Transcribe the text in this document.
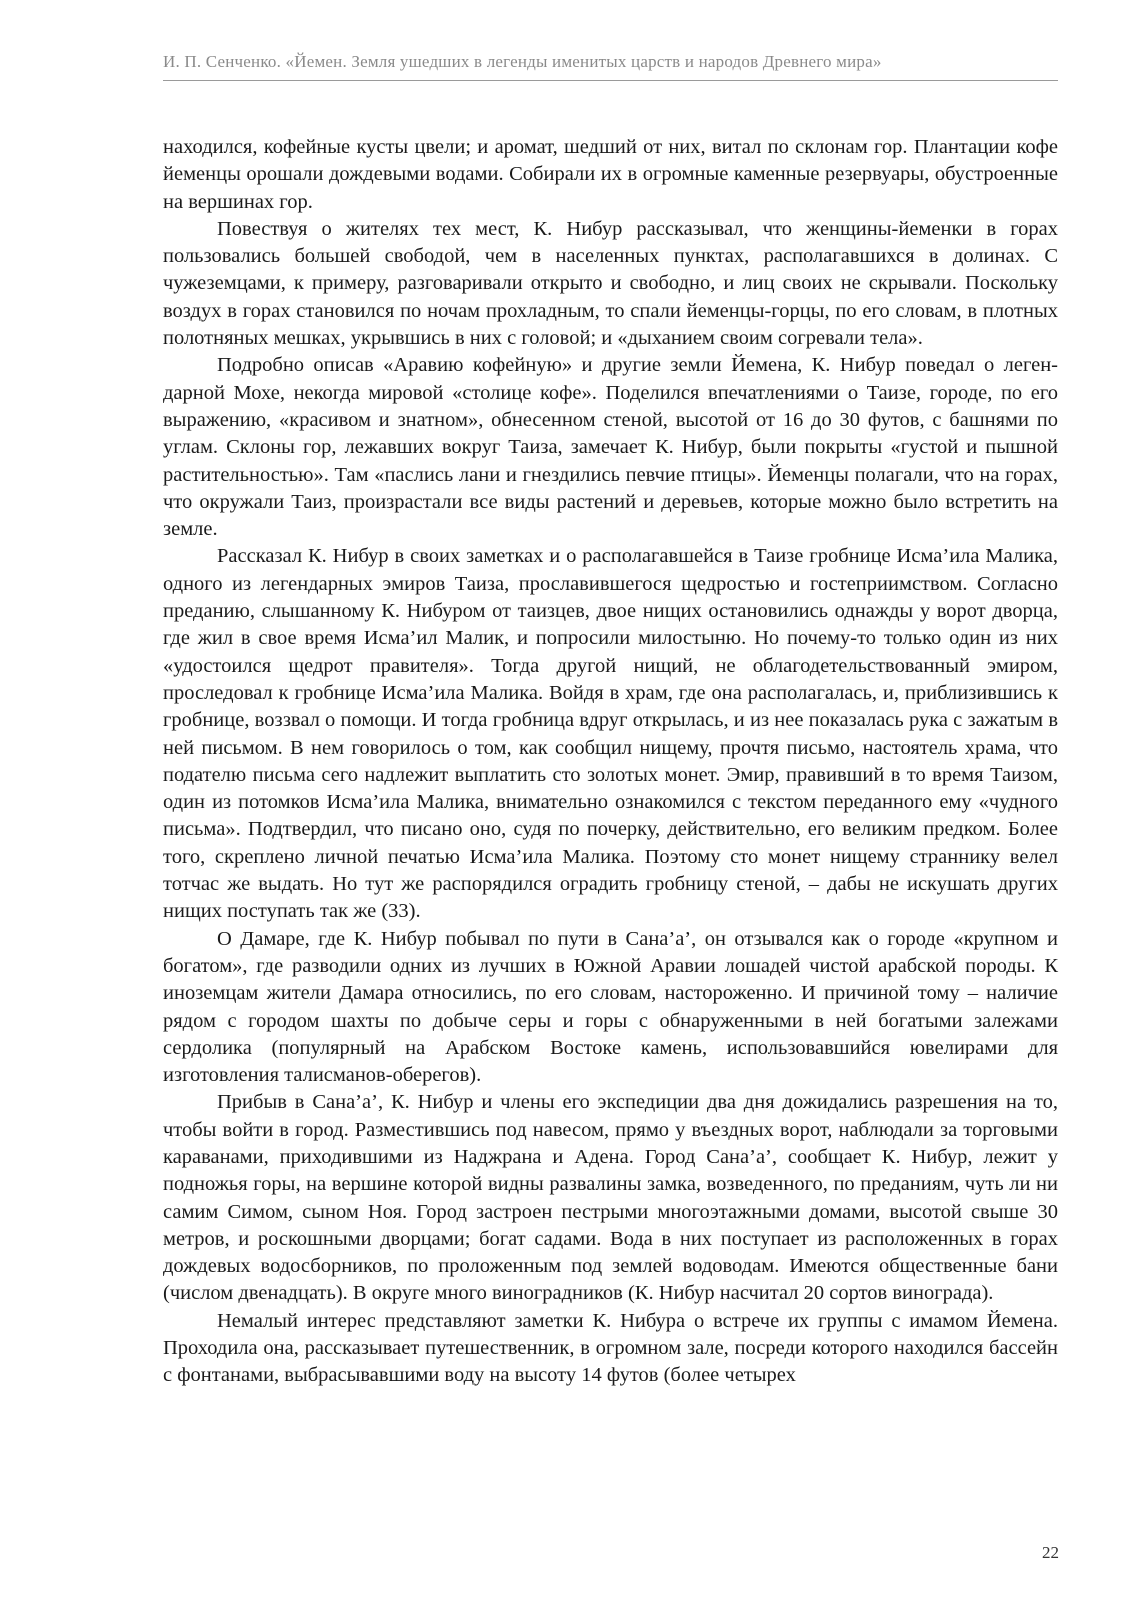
И. П. Сенченко. «Йемен. Земля ушедших в легенды именитых царств и народов Древнего мира»

находился, кофейные кусты цвели; и аромат, шедший от них, витал по склонам гор. Плантации кофе йеменцы орошали дождевыми водами. Собирали их в огромные каменные резервуары, обустроенные на вершинах гор.

Повествуя о жителях тех мест, К. Нибур рассказывал, что женщины-йеменки в горах пользовались большей свободой, чем в населенных пунктах, располагавшихся в долинах. С чужеземцами, к примеру, разговаривали открыто и свободно, и лиц своих не скрывали. Поскольку воздух в горах становился по ночам прохладным, то спали йеменцы-горцы, по его словам, в плотных полотняных мешках, укрывшись в них с головой; и «дыханием своим согревали тела».

Подробно описав «Аравию кофейную» и другие земли Йемена, К. Нибур поведал о легендарной Мохе, некогда мировой «столице кофе». Поделился впечатлениями о Таизе, городе, по его выражению, «красивом и знатном», обнесенном стеной, высотой от 16 до 30 футов, с башнями по углам. Склоны гор, лежавших вокруг Таиза, замечает К. Нибур, были покрыты «густой и пышной растительностью». Там «паслись лани и гнездились певчие птицы». Йеменцы полагали, что на горах, что окружали Таиз, произрастали все виды растений и деревьев, которые можно было встретить на земле.

Рассказал К. Нибур в своих заметках и о располагавшейся в Таизе гробнице Исма’ила Малика, одного из легендарных эмиров Таиза, прославившегося щедростью и гостеприимством. Согласно преданию, слышанному К. Нибуром от таизцев, двое нищих остановились однажды у ворот дворца, где жил в свое время Исма’ил Малик, и попросили милостыню. Но почему-то только один из них «удостоился щедрот правителя». Тогда другой нищий, не облагодетельствованный эмиром, проследовал к гробнице Исма’ила Малика. Войдя в храм, где она располагалась, и, приблизившись к гробнице, воззвал о помощи. И тогда гробница вдруг открылась, и из нее показалась рука с зажатым в ней письмом. В нем говорилось о том, как сообщил нищему, прочтя письмо, настоятель храма, что подателю письма сего надлежит выплатить сто золотых монет. Эмир, правивший в то время Таизом, один из потомков Исма’ила Малика, внимательно ознакомился с текстом переданного ему «чудного письма». Подтвердил, что писано оно, судя по почерку, действительно, его великим предком. Более того, скреплено личной печатью Исма’ила Малика. Поэтому сто монет нищему страннику велел тотчас же выдать. Но тут же распорядился оградить гробницу стеной, – дабы не искушать других нищих поступать так же (33).

О Дамаре, где К. Нибур побывал по пути в Сана’а’, он отзывался как о городе «крупном и богатом», где разводили одних из лучших в Южной Аравии лошадей чистой арабской породы. К иноземцам жители Дамара относились, по его словам, настороженно. И причиной тому – наличие рядом с городом шахты по добыче серы и горы с обнаруженными в ней богатыми залежами сердолика (популярный на Арабском Востоке камень, использовавшийся ювелирами для изготовления талисманов-оберегов).

Прибыв в Сана’а’, К. Нибур и члены его экспедиции два дня дожидались разрешения на то, чтобы войти в город. Разместившись под навесом, прямо у въездных ворот, наблюдали за торговыми караванами, приходившими из Наджрана и Адена. Город Сана’а’, сообщает К. Нибур, лежит у подножья горы, на вершине которой видны развалины замка, возведенного, по преданиям, чуть ли ни самим Симом, сыном Ноя. Город застроен пестрыми многоэтажными домами, высотой свыше 30 метров, и роскошными дворцами; богат садами. Вода в них поступает из расположенных в горах дождевых водосборников, по проложенным под землей водоводам. Имеются общественные бани (числом двенадцать). В округе много виноградников (К. Нибур насчитал 20 сортов винограда).

Немалый интерес представляют заметки К. Нибура о встрече их группы с имамом Йемена. Проходила она, рассказывает путешественник, в огромном зале, посреди которого находился бассейн с фонтанами, выбрасывавшими воду на высоту 14 футов (более четырех

22
